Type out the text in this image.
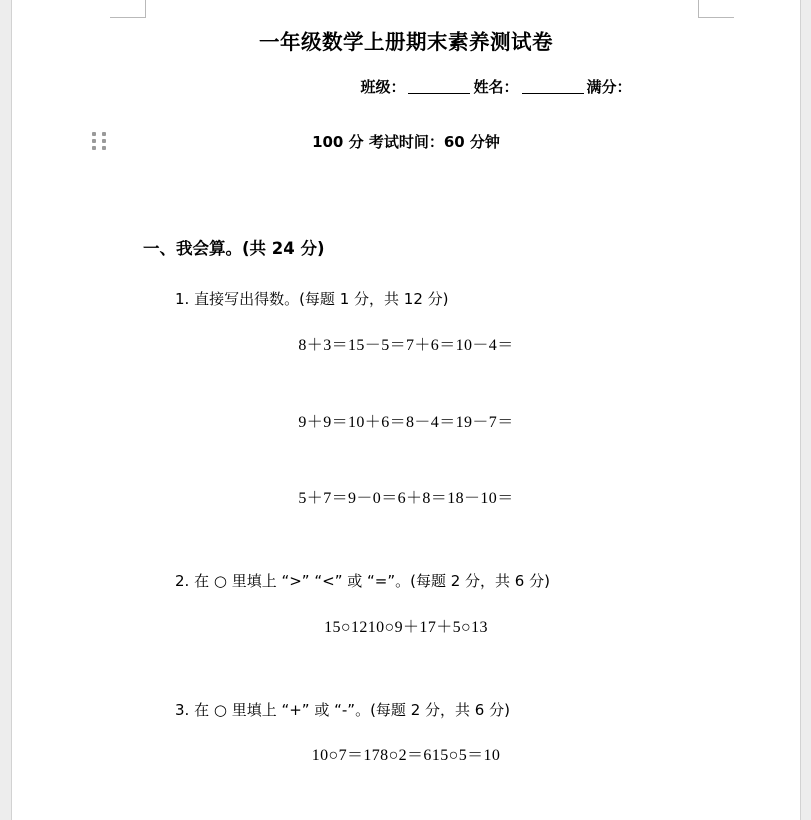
一年级数学上册期末素养测试卷
班级：	姓名：	满分：
100 分 考试时间：60 分钟
一、我会算。(共 24 分)
1. 直接写出得数。(每题 1 分，共 12 分)
8＋3＝15－5＝7＋6＝10－4＝
9＋9＝10＋6＝8－4＝19－7＝
5＋7＝9－0＝6＋8＝18－10＝
2. 在 ○ 里填上 “>” “<” 或 “=”。(每题 2 分，共 6 分)
15○1210○9＋17＋5○13
3. 在 ○ 里填上 “+” 或 “-”。(每题 2 分，共 6 分)
10○7＝178○2＝615○5＝10
